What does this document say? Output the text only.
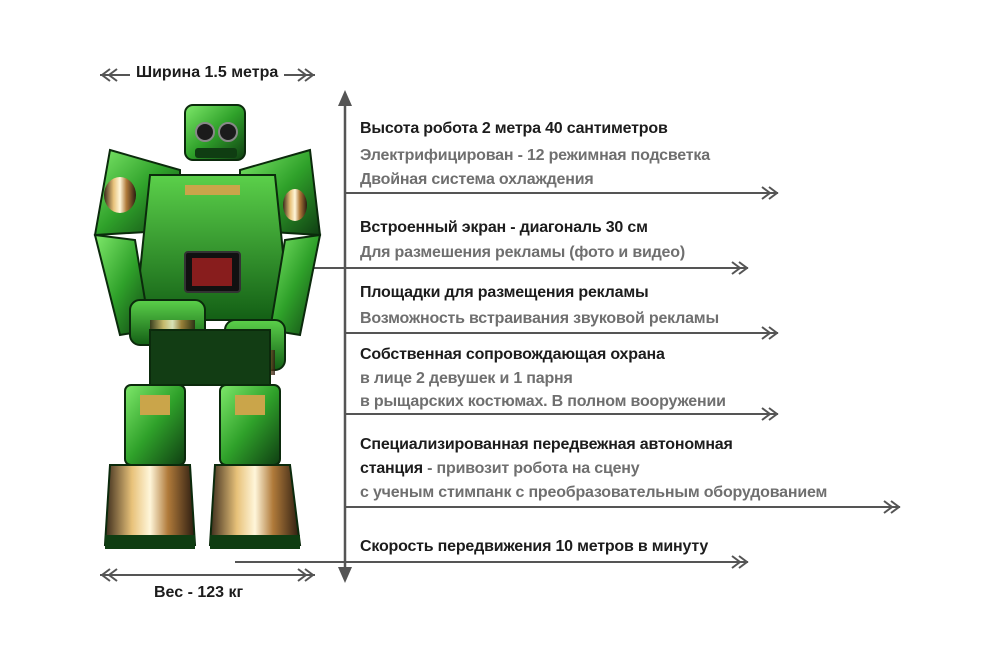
Ширина 1.5 метра
Вес - 123 кг
Высота робота 2 метра 40 сантиметров
Электрифицирован - 12 режимная подсветка
Двойная система охлаждения
Встроенный экран - диагональ 30 см
Для размешения рекламы (фото и видео)
Площадки для размещения рекламы
Возможность встраивания звуковой рекламы
Собственная сопровождающая охрана
в лице 2 девушек и 1 парня
в рыщарских костюмах. В полном вооружении
Специализированная передвежная автономная
станция - привозит робота на сцену
с ученым стимпанк с преобразовательным оборудованием
Скорость передвижения 10 метров в минуту
